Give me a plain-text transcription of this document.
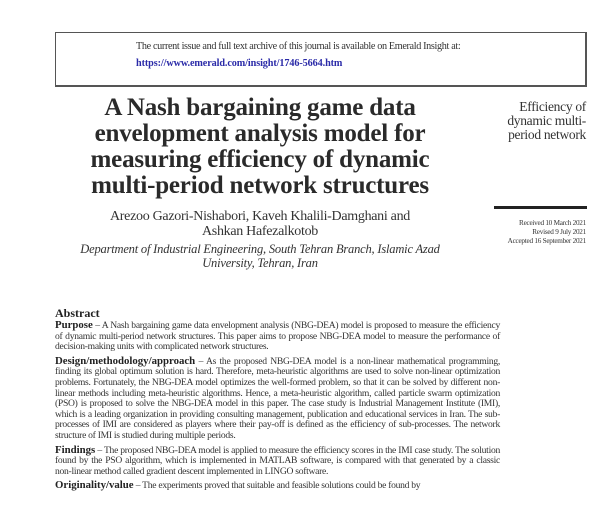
The current issue and full text archive of this journal is available on Emerald Insight at:
https://www.emerald.com/insight/1746-5664.htm
A Nash bargaining game data
envelopment analysis model for
measuring efficiency of dynamic
multi-period network structures
Arezoo Gazori-Nishabori, Kaveh Khalili-Damghani and
Ashkan Hafezalkotob
Department of Industrial Engineering, South Tehran Branch, Islamic Azad
University, Tehran, Iran
Efficiency of
dynamic multi-
period network
Received 10 March 2021
Revised 9 July 2021
Accepted 16 September 2021
Abstract

Purpose – A Nash bargaining game data envelopment analysis (NBG-DEA) model is proposed to measure the efficiency of dynamic multi-period network structures. This paper aims to propose NBG-DEA model to measure the performance of decision-making units with complicated network structures.

Design/methodology/approach – As the proposed NBG-DEA model is a non-linear mathematical programming, finding its global optimum solution is hard. Therefore, meta-heuristic algorithms are used to solve non-linear optimization problems. Fortunately, the NBG-DEA model optimizes the well-formed problem, so that it can be solved by different non-linear methods including meta-heuristic algorithms. Hence, a meta-heuristic algorithm, called particle swarm optimization (PSO) is proposed to solve the NBG-DEA model in this paper. The case study is Industrial Management Institute (IMI), which is a leading organization in providing consulting management, publication and educational services in Iran. The sub-processes of IMI are considered as players where their pay-off is defined as the efficiency of sub-processes. The network structure of IMI is studied during multiple periods.

Findings – The proposed NBG-DEA model is applied to measure the efficiency scores in the IMI case study. The solution found by the PSO algorithm, which is implemented in MATLAB software, is compared with that generated by a classic non-linear method called gradient descent implemented in LINGO software.

Originality/value – The experiments proved that suitable and feasible solutions could be found by
